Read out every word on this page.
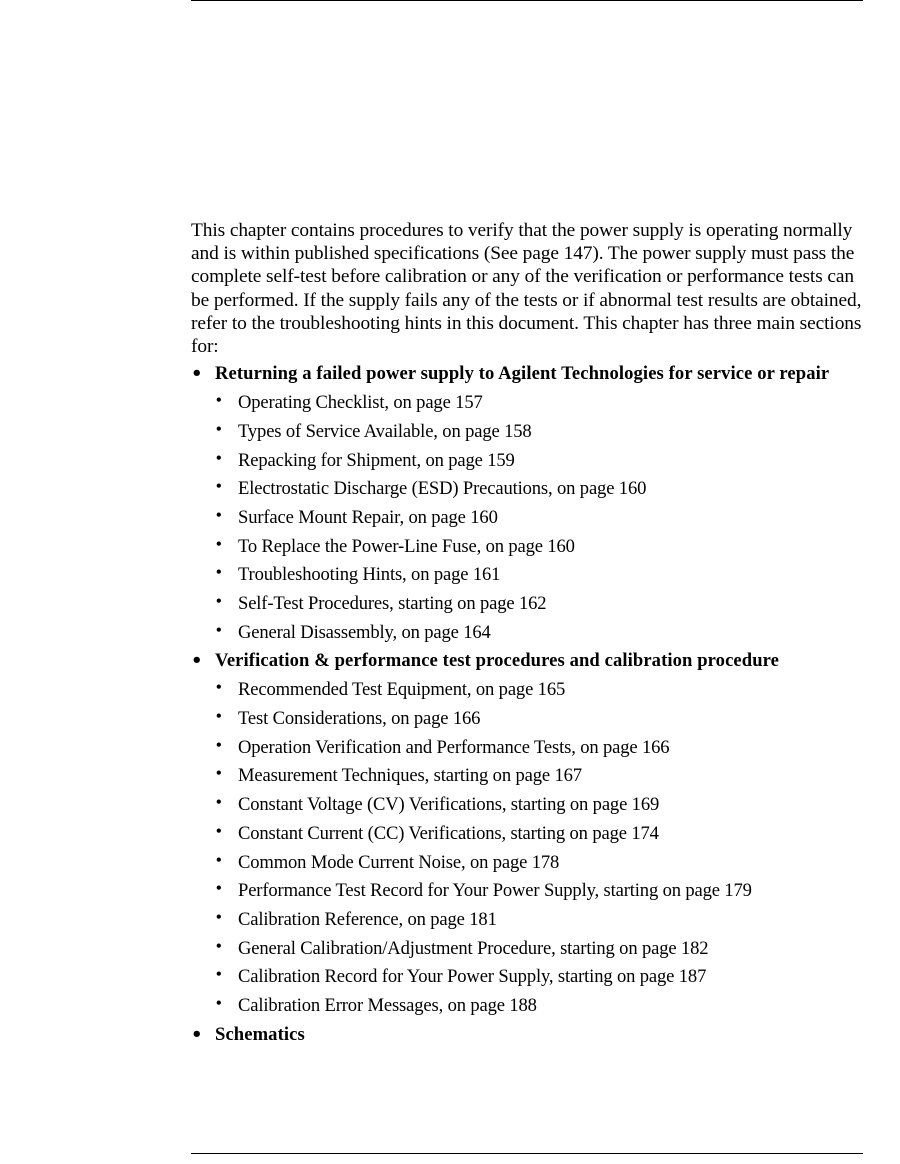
This chapter contains procedures to verify that the power supply is operating normally and is within published specifications (See page 147). The power supply must pass the complete self-test before calibration or any of the verification or performance tests can be performed. If the supply fails any of the tests or if abnormal test results are obtained, refer to the troubleshooting hints in this document. This chapter has three main sections for:

• Returning a failed power supply to Agilent Technologies for service or repair
• Operating Checklist, on page 157
• Types of Service Available, on page 158
• Repacking for Shipment, on page 159
• Electrostatic Discharge (ESD) Precautions, on page 160
• Surface Mount Repair, on page 160
• To Replace the Power-Line Fuse, on page 160
• Troubleshooting Hints, on page 161
• Self-Test Procedures, starting on page 162
• General Disassembly, on page 164
• Verification & performance test procedures and calibration procedure
• Recommended Test Equipment, on page 165
• Test Considerations, on page 166
• Operation Verification and Performance Tests, on page 166
• Measurement Techniques, starting on page 167
• Constant Voltage (CV) Verifications, starting on page 169
• Constant Current (CC) Verifications, starting on page 174
• Common Mode Current Noise, on page 178
• Performance Test Record for Your Power Supply, starting on page 179
• Calibration Reference, on page 181
• General Calibration/Adjustment Procedure, starting on page 182
• Calibration Record for Your Power Supply, starting on page 187
• Calibration Error Messages, on page 188
• Schematics
